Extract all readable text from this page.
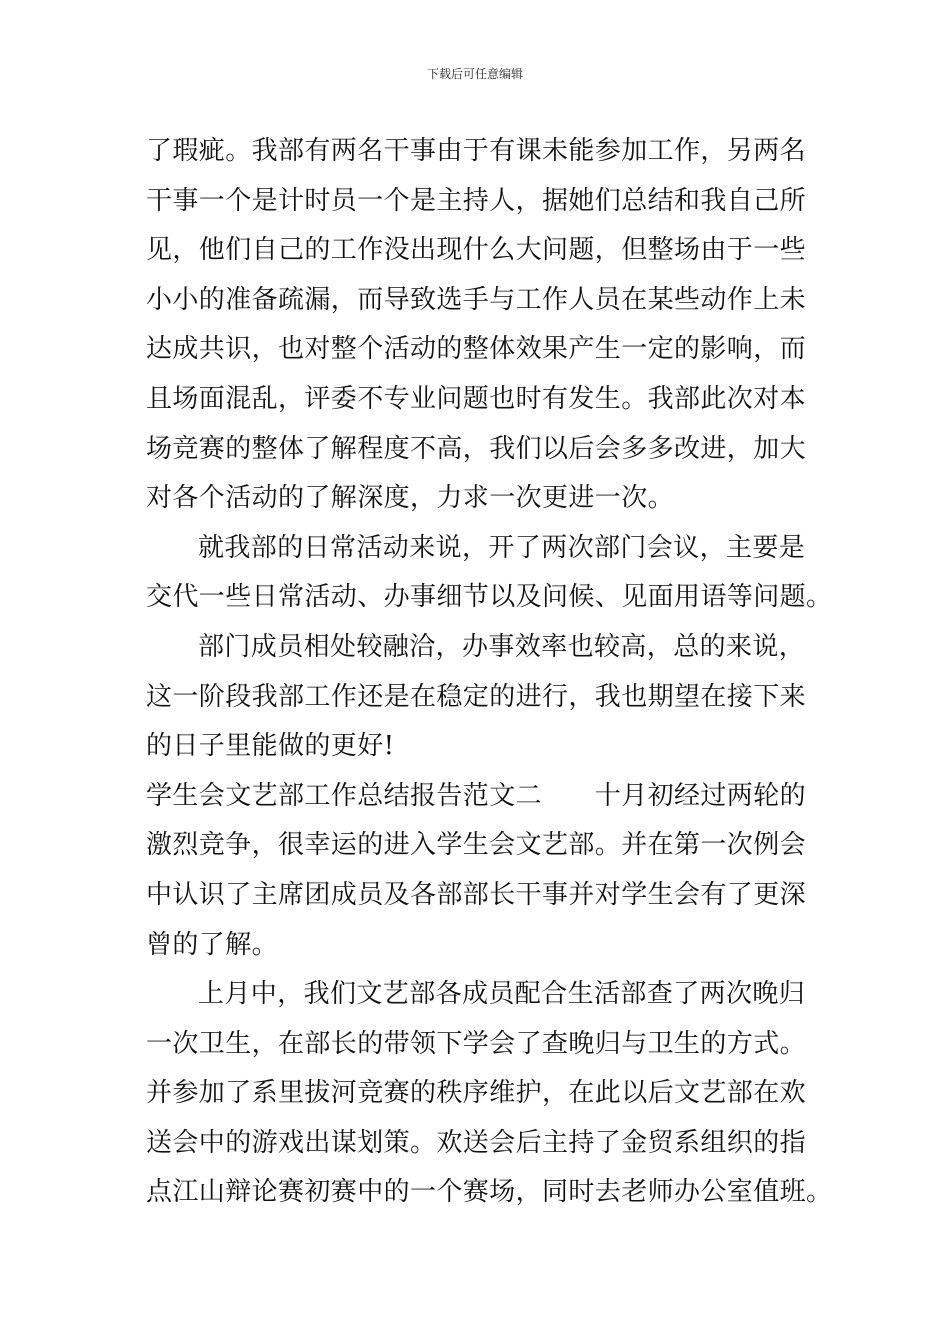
下载后可任意编辑
了瑕疵。我部有两名干事由于有课未能参加工作，另两名
干事一个是计时员一个是主持人，据她们总结和我自己所
见，他们自己的工作没出现什么大问题，但整场由于一些
小小的准备疏漏，而导致选手与工作人员在某些动作上未
达成共识，也对整个活动的整体效果产生一定的影响，而
且场面混乱，评委不专业问题也时有发生。我部此次对本
场竞赛的整体了解程度不高，我们以后会多多改进，加大
对各个活动的了解深度，力求一次更进一次。
就我部的日常活动来说，开了两次部门会议，主要是
交代一些日常活动、办事细节以及问候、见面用语等问题。
部门成员相处较融洽，办事效率也较高，总的来说，
这一阶段我部工作还是在稳定的进行，我也期望在接下来
的日子里能做的更好!
学生会文艺部工作总结报告范文二　　十月初经过两轮的
激烈竞争，很幸运的进入学生会文艺部。并在第一次例会
中认识了主席团成员及各部部长干事并对学生会有了更深
曾的了解。
上月中，我们文艺部各成员配合生活部查了两次晚归
一次卫生，在部长的带领下学会了查晚归与卫生的方式。
并参加了系里拔河竞赛的秩序维护，在此以后文艺部在欢
送会中的游戏出谋划策。欢送会后主持了金贸系组织的指
点江山辩论赛初赛中的一个赛场，同时去老师办公室值班。
